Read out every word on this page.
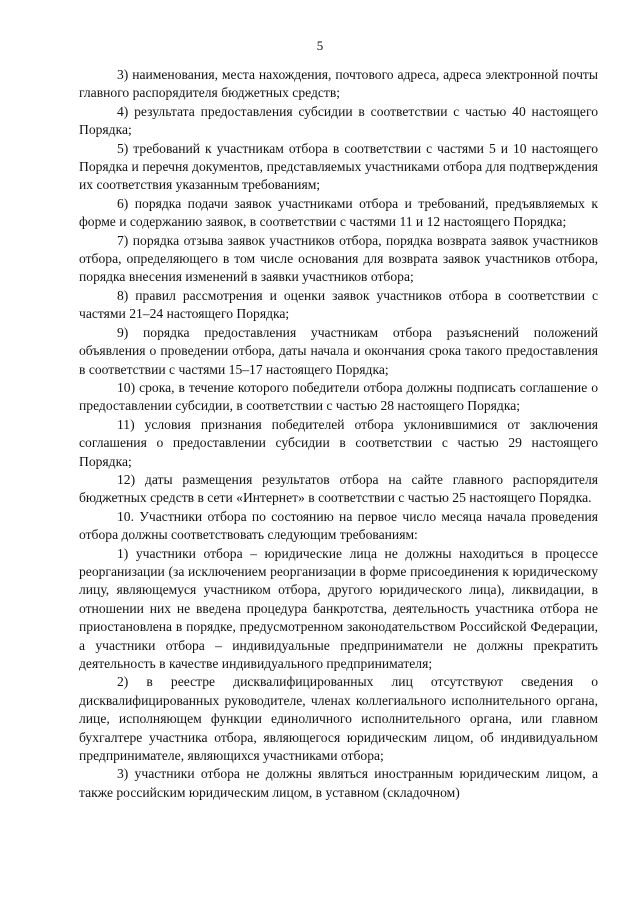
5

3) наименования, места нахождения, почтового адреса, адреса электронной почты главного распорядителя бюджетных средств;

4) результата предоставления субсидии в соответствии с частью 40 настоящего Порядка;

5) требований к участникам отбора в соответствии с частями 5 и 10 настоящего Порядка и перечня документов, представляемых участниками отбора для подтверждения их соответствия указанным требованиям;

6) порядка подачи заявок участниками отбора и требований, предъявляемых к форме и содержанию заявок, в соответствии с частями 11 и 12 настоящего Порядка;

7) порядка отзыва заявок участников отбора, порядка возврата заявок участников отбора, определяющего в том числе основания для возврата заявок участников отбора, порядка внесения изменений в заявки участников отбора;

8) правил рассмотрения и оценки заявок участников отбора в соответствии с частями 21–24 настоящего Порядка;

9) порядка предоставления участникам отбора разъяснений положений объявления о проведении отбора, даты начала и окончания срока такого предоставления в соответствии с частями 15–17 настоящего Порядка;

10) срока, в течение которого победители отбора должны подписать соглашение о предоставлении субсидии, в соответствии с частью 28 настоящего Порядка;

11) условия признания победителей отбора уклонившимися от заключения соглашения о предоставлении субсидии в соответствии с частью 29 настоящего Порядка;

12) даты размещения результатов отбора на сайте главного распорядителя бюджетных средств в сети «Интернет» в соответствии с частью 25 настоящего Порядка.

10. Участники отбора по состоянию на первое число месяца начала проведения отбора должны соответствовать следующим требованиям:

1) участники отбора – юридические лица не должны находиться в процессе реорганизации (за исключением реорганизации в форме присоединения к юридическому лицу, являющемуся участником отбора, другого юридического лица), ликвидации, в отношении них не введена процедура банкротства, деятельность участника отбора не приостановлена в порядке, предусмотренном законодательством Российской Федерации, а участники отбора – индивидуальные предприниматели не должны прекратить деятельность в качестве индивидуального предпринимателя;

2) в реестре дисквалифицированных лиц отсутствуют сведения о дисквалифицированных руководителе, членах коллегиального исполнительного органа, лице, исполняющем функции единоличного исполнительного органа, или главном бухгалтере участника отбора, являющегося юридическим лицом, об индивидуальном предпринимателе, являющихся участниками отбора;

3) участники отбора не должны являться иностранным юридическим лицом, а также российским юридическим лицом, в уставном (складочном)
